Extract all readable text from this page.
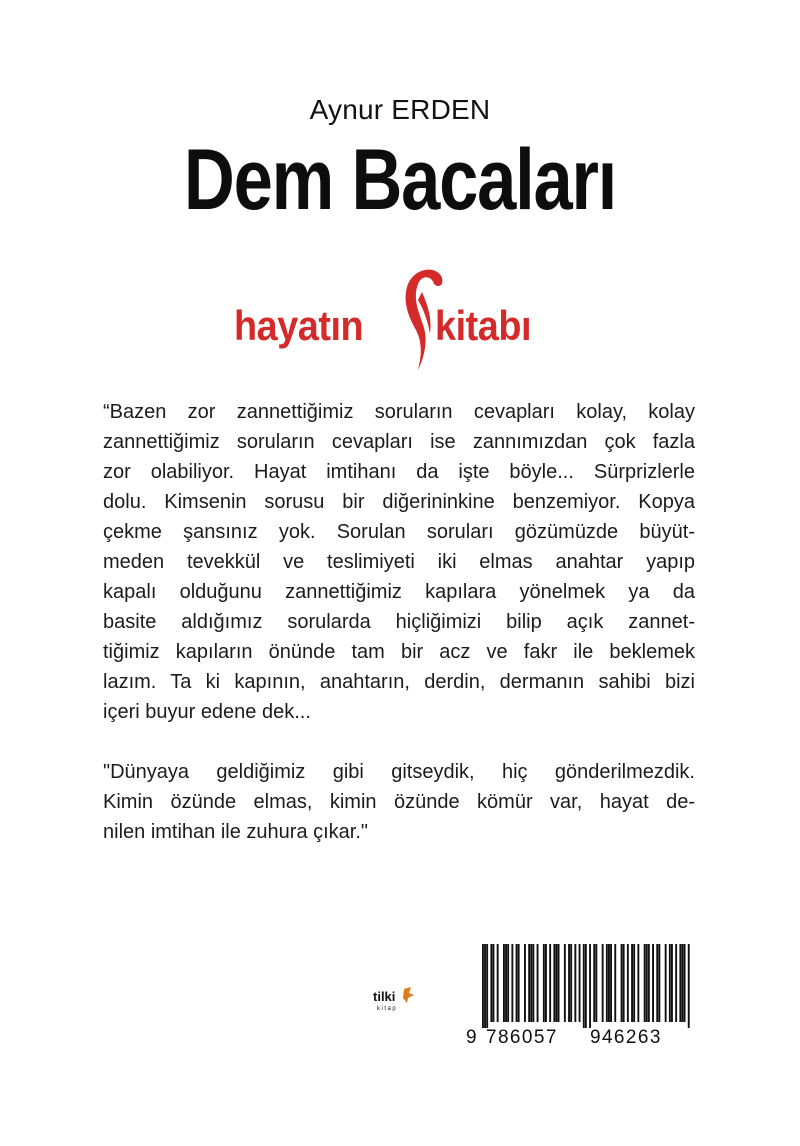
Aynur ERDEN
Dem Bacaları
hayatın kitabı
“Bazen zor zannettiğimiz soruların cevapları kolay, kolay
zannettiğimiz soruların cevapları ise zannımızdan çok fazla
zor olabiliyor. Hayat imtihanı da işte böyle... Sürprizlerle
dolu. Kimsenin sorusu bir diğerininkine benzemiyor. Kopya
çekme şansınız yok. Sorulan soruları gözümüzde büyüt-
meden tevekkül ve teslimiyeti iki elmas anahtar yapıp
kapalı olduğunu zannettiğimiz kapılara yönelmek ya da
basite aldığımız sorularda hiçliğimizi bilip açık zannet-
tiğimiz kapıların önünde tam bir acz ve fakr ile beklemek
lazım. Ta ki kapının, anahtarın, derdin, dermanın sahibi bizi
içeri buyur edene dek...
"Dünyaya geldiğimiz gibi gitseydik, hiç gönderilmezdik.
Kimin özünde elmas, kimin özünde kömür var, hayat de-
nilen imtihan ile zuhura çıkar."
tilki
kitap
9 786057 946263
